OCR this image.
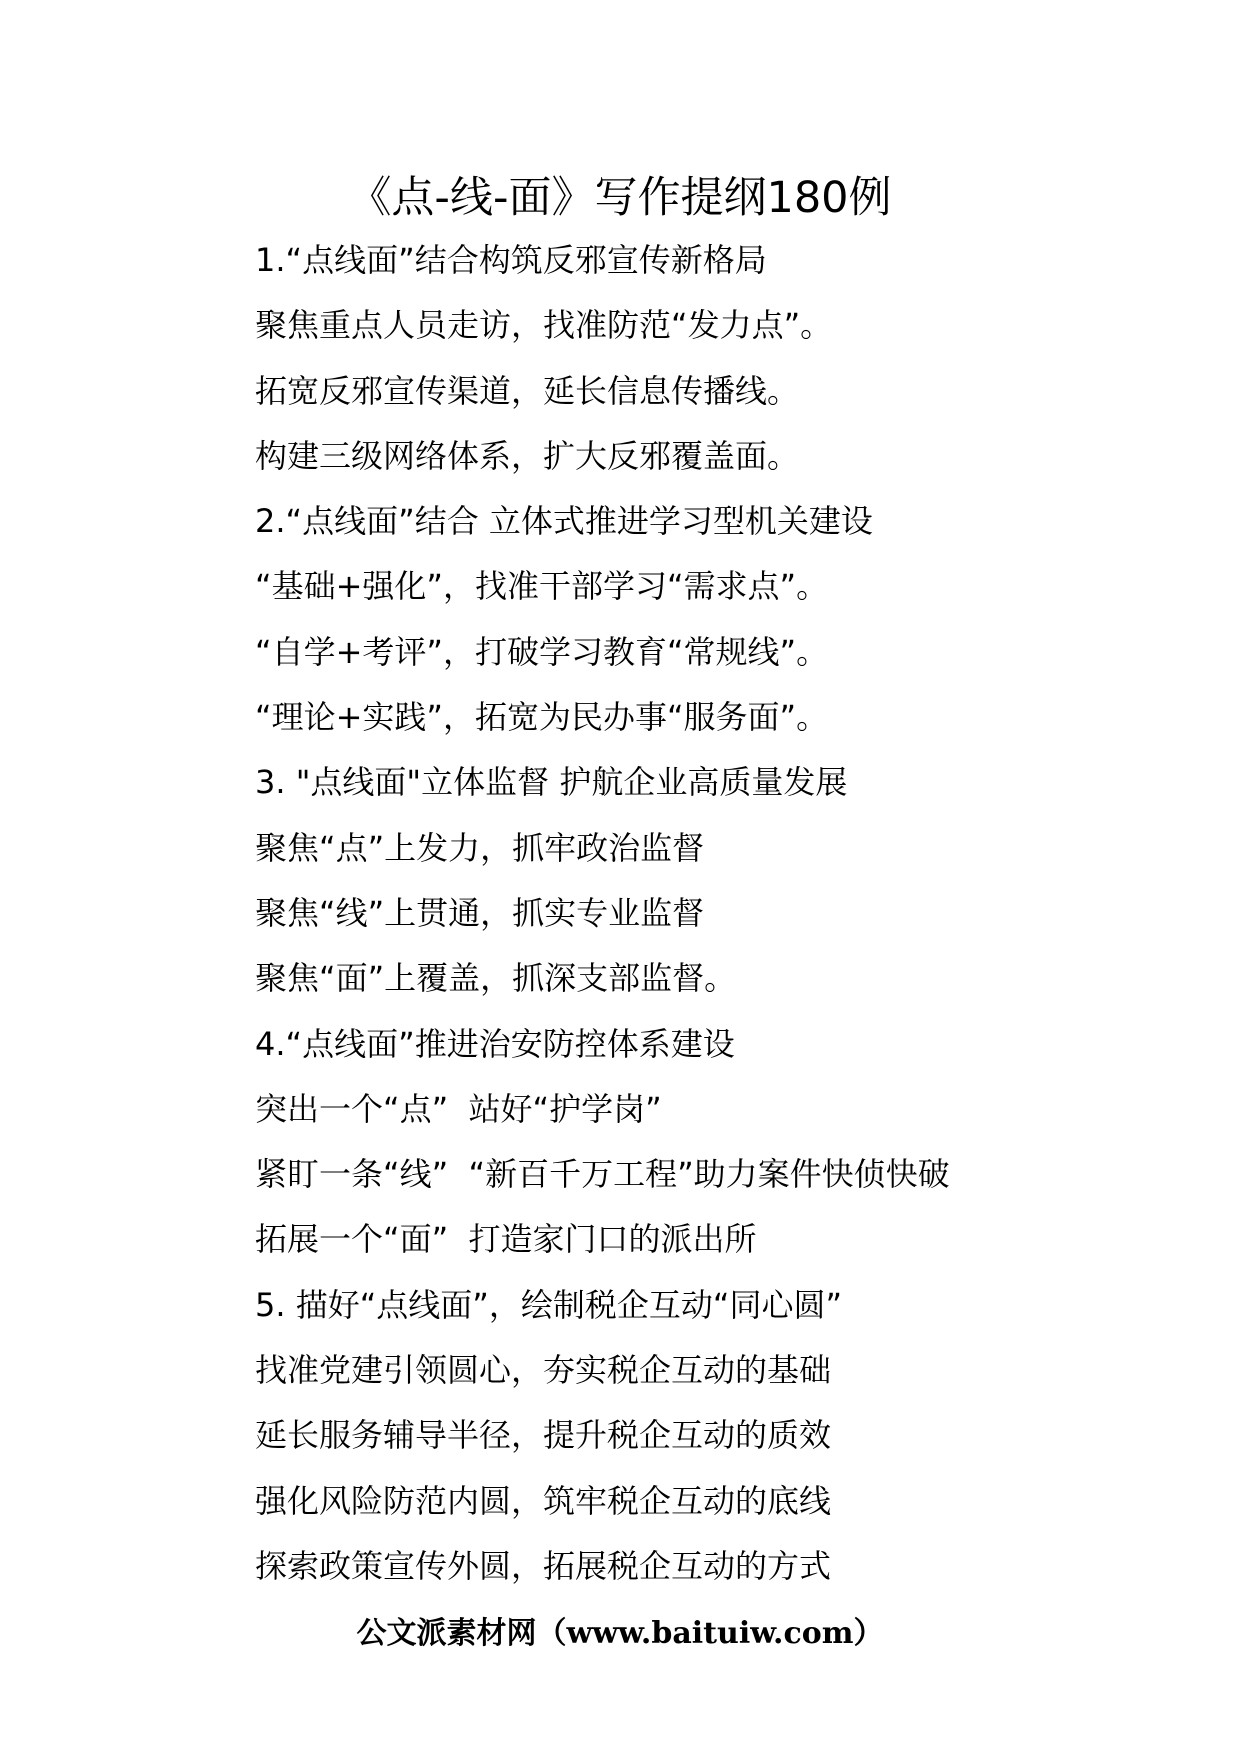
《点-线-面》写作提纲180例
1.“点线面”结合构筑反邪宣传新格局
聚焦重点人员走访，找准防范“发力点”。
拓宽反邪宣传渠道，延长信息传播线。
构建三级网络体系，扩大反邪覆盖面。
2.“点线面”结合 立体式推进学习型机关建设
“基础+强化”，找准干部学习“需求点”。
“自学+考评”，打破学习教育“常规线”。
“理论+实践”，拓宽为民办事“服务面”。
3. "点线面"立体监督 护航企业高质量发展
聚焦“点”上发力，抓牢政治监督
聚焦“线”上贯通，抓实专业监督
聚焦“面”上覆盖，抓深支部监督。
4.“点线面”推进治安防控体系建设
突出一个“点”  站好“护学岗”
紧盯一条“线”  “新百千万工程”助力案件快侦快破
拓展一个“面”  打造家门口的派出所
5. 描好“点线面”，绘制税企互动“同心圆”
找准党建引领圆心，夯实税企互动的基础
延长服务辅导半径，提升税企互动的质效
强化风险防范内圆，筑牢税企互动的底线
探索政策宣传外圆，拓展税企互动的方式
公文派素材网（www.baituiw.com）
